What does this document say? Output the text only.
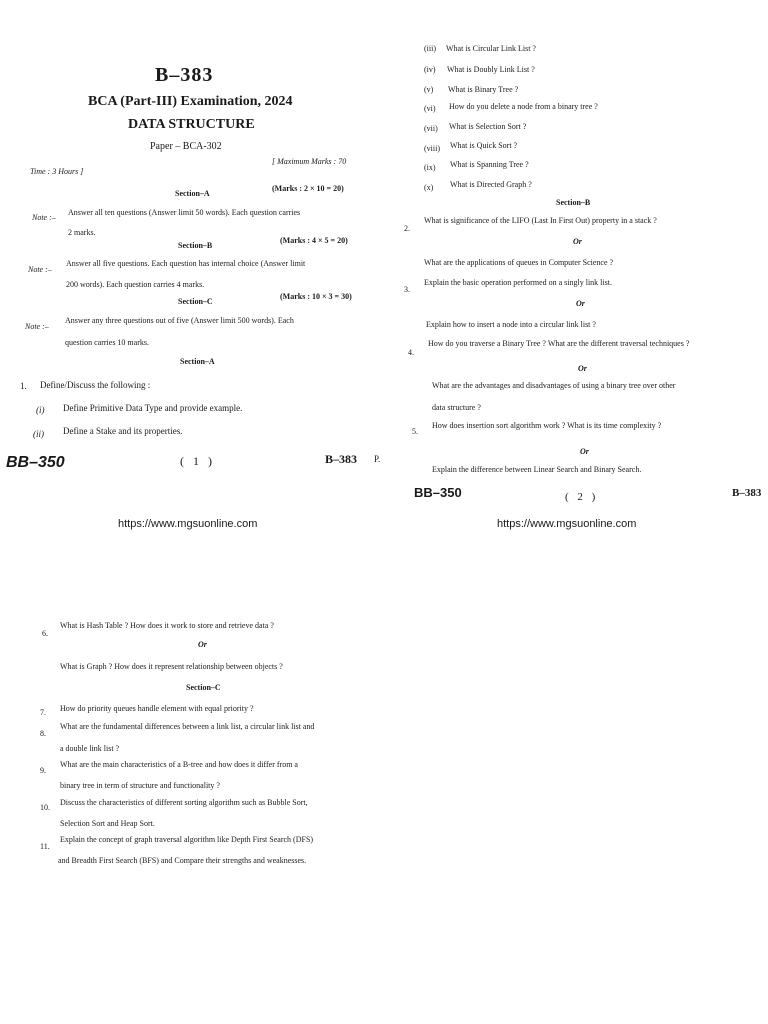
B–383
BCA (Part-III) Examination, 2024
DATA STRUCTURE
Paper – BCA-302
Time : 3 Hours ]
[ Maximum Marks : 70
Section–A
(Marks : 2 × 10 = 20)
Note :–
Answer all ten questions (Answer limit 50 words). Each question carries
2 marks.
Section–B
(Marks : 4 × 5 = 20)
Note :–
Answer all five questions. Each question has internal choice (Answer limit
200 words). Each question carries 4 marks.
Section–C
(Marks : 10 × 3 = 30)
Note :–
Answer any three questions out of five (Answer limit 500 words). Each
question carries 10 marks.
Section–A
1. Define/Discuss the following :
(i) Define Primitive Data Type and provide example.
(ii) Define a Stake and its properties.
BB–350	( 1 )	B–383 P.
https://www.mgsuonline.com
(iii) What is Circular Link List ?
(iv) What is Doubly Link List ?
(v) What is Binary Tree ?
(vi) How do you delete a node from a binary tree ?
(vii) What is Selection Sort ?
(viii) What is Quick Sort ?
(ix) What is Spanning Tree ?
(x) What is Directed Graph ?
Section–B
2.
What is significance of the LIFO (Last In First Out) property in a stack ?
Or
What are the applications of queues in Computer Science ?
3.
Explain the basic operation performed on a singly link list.
Or
Explain how to insert a node into a circular link list ?
4.
How do you traverse a Binary Tree ? What are the different traversal techniques ?
Or
What are the advantages and disadvantages of using a binary tree over other
data structure ?
5.
How does insertion sort algorithm work ? What is its time complexity ?
Or
Explain the difference between Linear Search and Binary Search.
BB–350	( 2 )	B–383
https://www.mgsuonline.com
6.
What is Hash Table ? How does it work to store and retrieve data ?
Or
What is Graph ? How does it represent relationship between objects ?
Section–C
7. How do priority queues handle element with equal priority ?
8.
What are the fundamental differences between a link list, a circular link list and
a double link list ?
9.
What are the main characteristics of a B-tree and how does it differ from a
binary tree in term of structure and functionality ?
10.
Discuss the characteristics of different sorting algorithm such as Bubble Sort,
Selection Sort and Heap Sort.
11.
Explain the concept of graph traversal algorithm like Depth First Search (DFS)
and Breadth First Search (BFS) and Compare their strengths and weaknesses.
